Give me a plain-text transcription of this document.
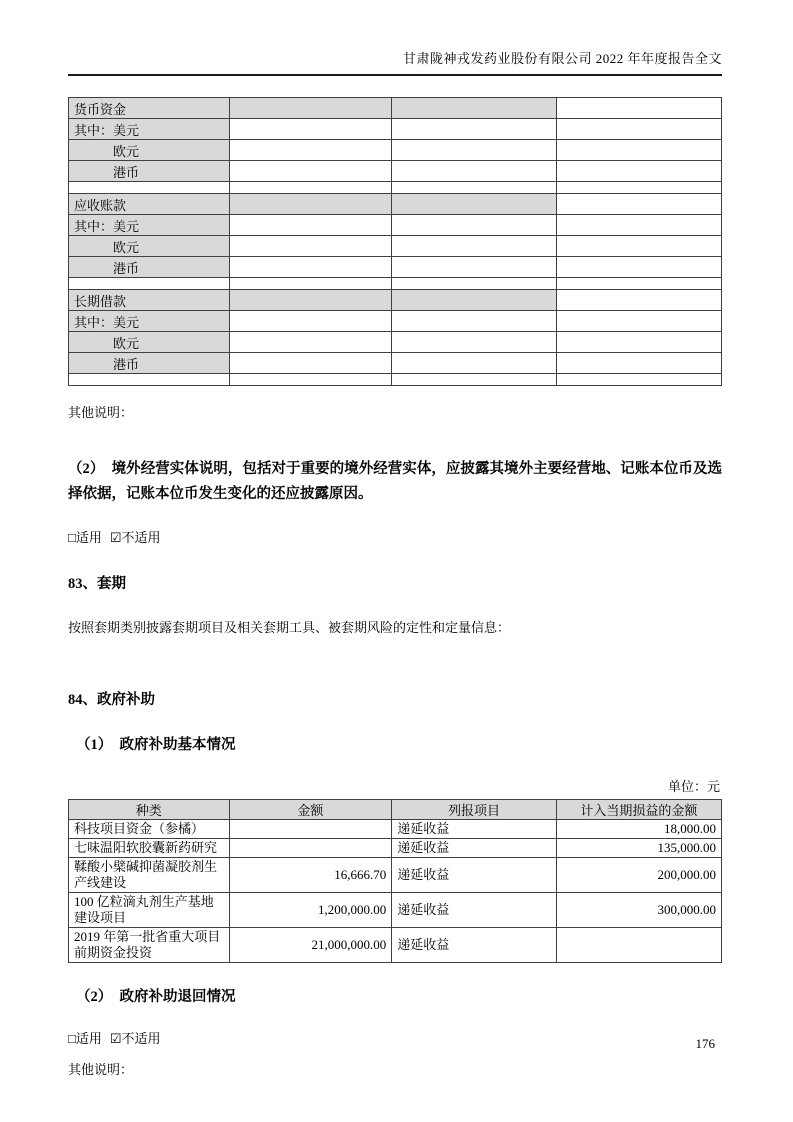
甘肃陇神戎发药业股份有限公司 2022 年年度报告全文
货币资金			
其中：美元			
欧元			
港币			

应收账款			
其中：美元			
欧元			
港币			

长期借款			
其中：美元			
欧元			
港币			

其他说明：
（2）　境外经营实体说明，包括对于重要的境外经营实体，应披露其境外主要经营地、记账本位币及选择依据，记账本位币发生变化的还应披露原因。
□适用 ☑不适用
83、套期
按照套期类别披露套期项目及相关套期工具、被套期风险的定性和定量信息：
84、政府补助
（1）　政府补助基本情况
单位：元
种类	金额	列报项目	计入当期损益的金额
科技项目资金（参橘）		递延收益	18,000.00
七味温阳软胶囊新药研究		递延收益	135,000.00
鞣酸小檗碱抑菌凝胶剂生产线建设	16,666.70	递延收益	200,000.00
100 亿粒滴丸剂生产基地建设项目	1,200,000.00	递延收益	300,000.00
2019 年第一批省重大项目前期资金投资	21,000,000.00	递延收益	
（2）　政府补助退回情况
□适用 ☑不适用
其他说明：
176
